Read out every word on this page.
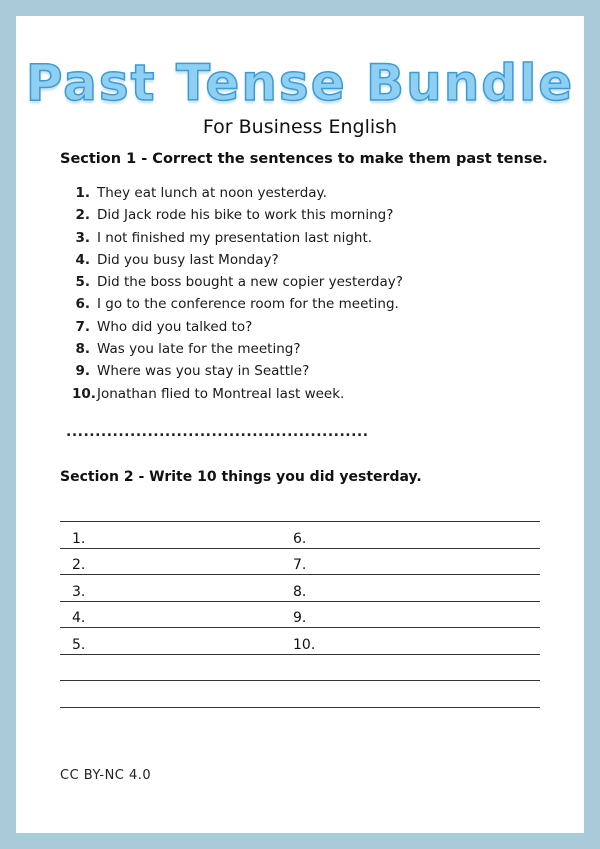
Past Tense Bundle
For Business English
Section 1 - Correct the sentences to make them past tense.
1. They eat lunch at noon yesterday.
2. Did Jack rode his bike to work this morning?
3. I not finished my presentation last night.
4. Did you busy last Monday?
5. Did the boss bought a new copier yesterday?
6. I go to the conference room for the meeting.
7. Who did you talked to?
8. Was you late for the meeting?
9. Where was you stay in Seattle?
10. Jonathan flied to Montreal last week.
....................................................
Section 2 - Write 10 things you did yesterday.
1.	6.
2.	7.
3.	8.
4.	9.
5.	10.
CC BY-NC 4.0
